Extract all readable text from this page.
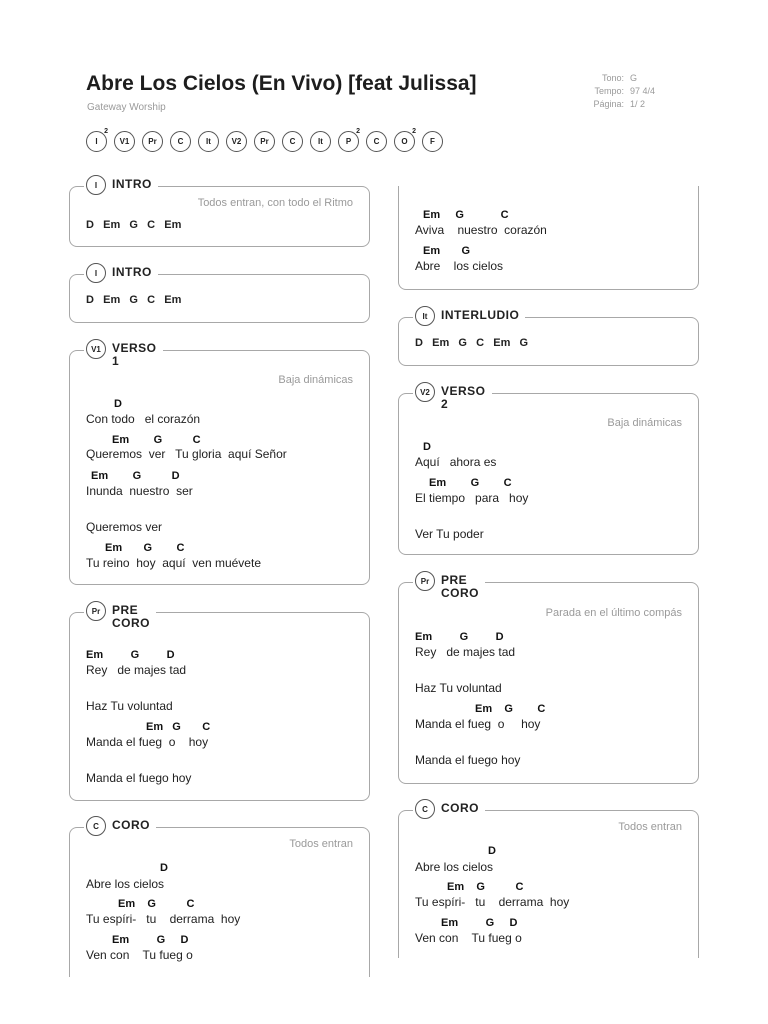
Abre Los Cielos (En Vivo) [feat Julissa]
Gateway Worship
Tono: G
Tempo: 97 4/4
Página: 1/ 2
I
2
V1 Pr	C	It	V2 Pr	C	It	P
2
C	O
2
F
I	INTRO
Todos entran, con todo el Ritmo
D   Em   G   C   Em
I	INTRO
D   Em   G   C   Em
V1 VERSO
1
Baja dinámicas
D
Con todo   el corazón
Em        G          C
Queremos  ver   Tu gloria  aquí Señor
Em        G          D
Inunda  nuestro  ser
Queremos ver
Em       G        C
Tu reino  hoy  aquí  ven muévete
Pr PRE
CORO
Em         G         D
Rey   de majes tad
Haz Tu voluntad
Em   G       C
Manda el fueg  o    hoy
Manda el fuego hoy
C	CORO
Todos entran
D
Abre los cielos
Em    G          C
Tu espíri-   tu    derrama  hoy
Em         G     D
Ven con    Tu fueg o
Em     G            C
Aviva    nuestro  corazón
Em       G
Abre    los cielos
It	INTERLUDIO
D   Em   G   C   Em   G
V2 VERSO
2
Baja dinámicas
D
Aquí   ahora es
Em        G        C
El tiempo   para   hoy
Ver Tu poder
Pr PRE
CORO
Parada en el último compás
Em         G         D
Rey   de majes tad
Haz Tu voluntad
Em    G        C
Manda el fueg  o     hoy
Manda el fuego hoy
C	CORO
Todos entran
D
Abre los cielos
Em    G          C
Tu espíri-   tu    derrama  hoy
Em         G     D
Ven con    Tu fueg o
